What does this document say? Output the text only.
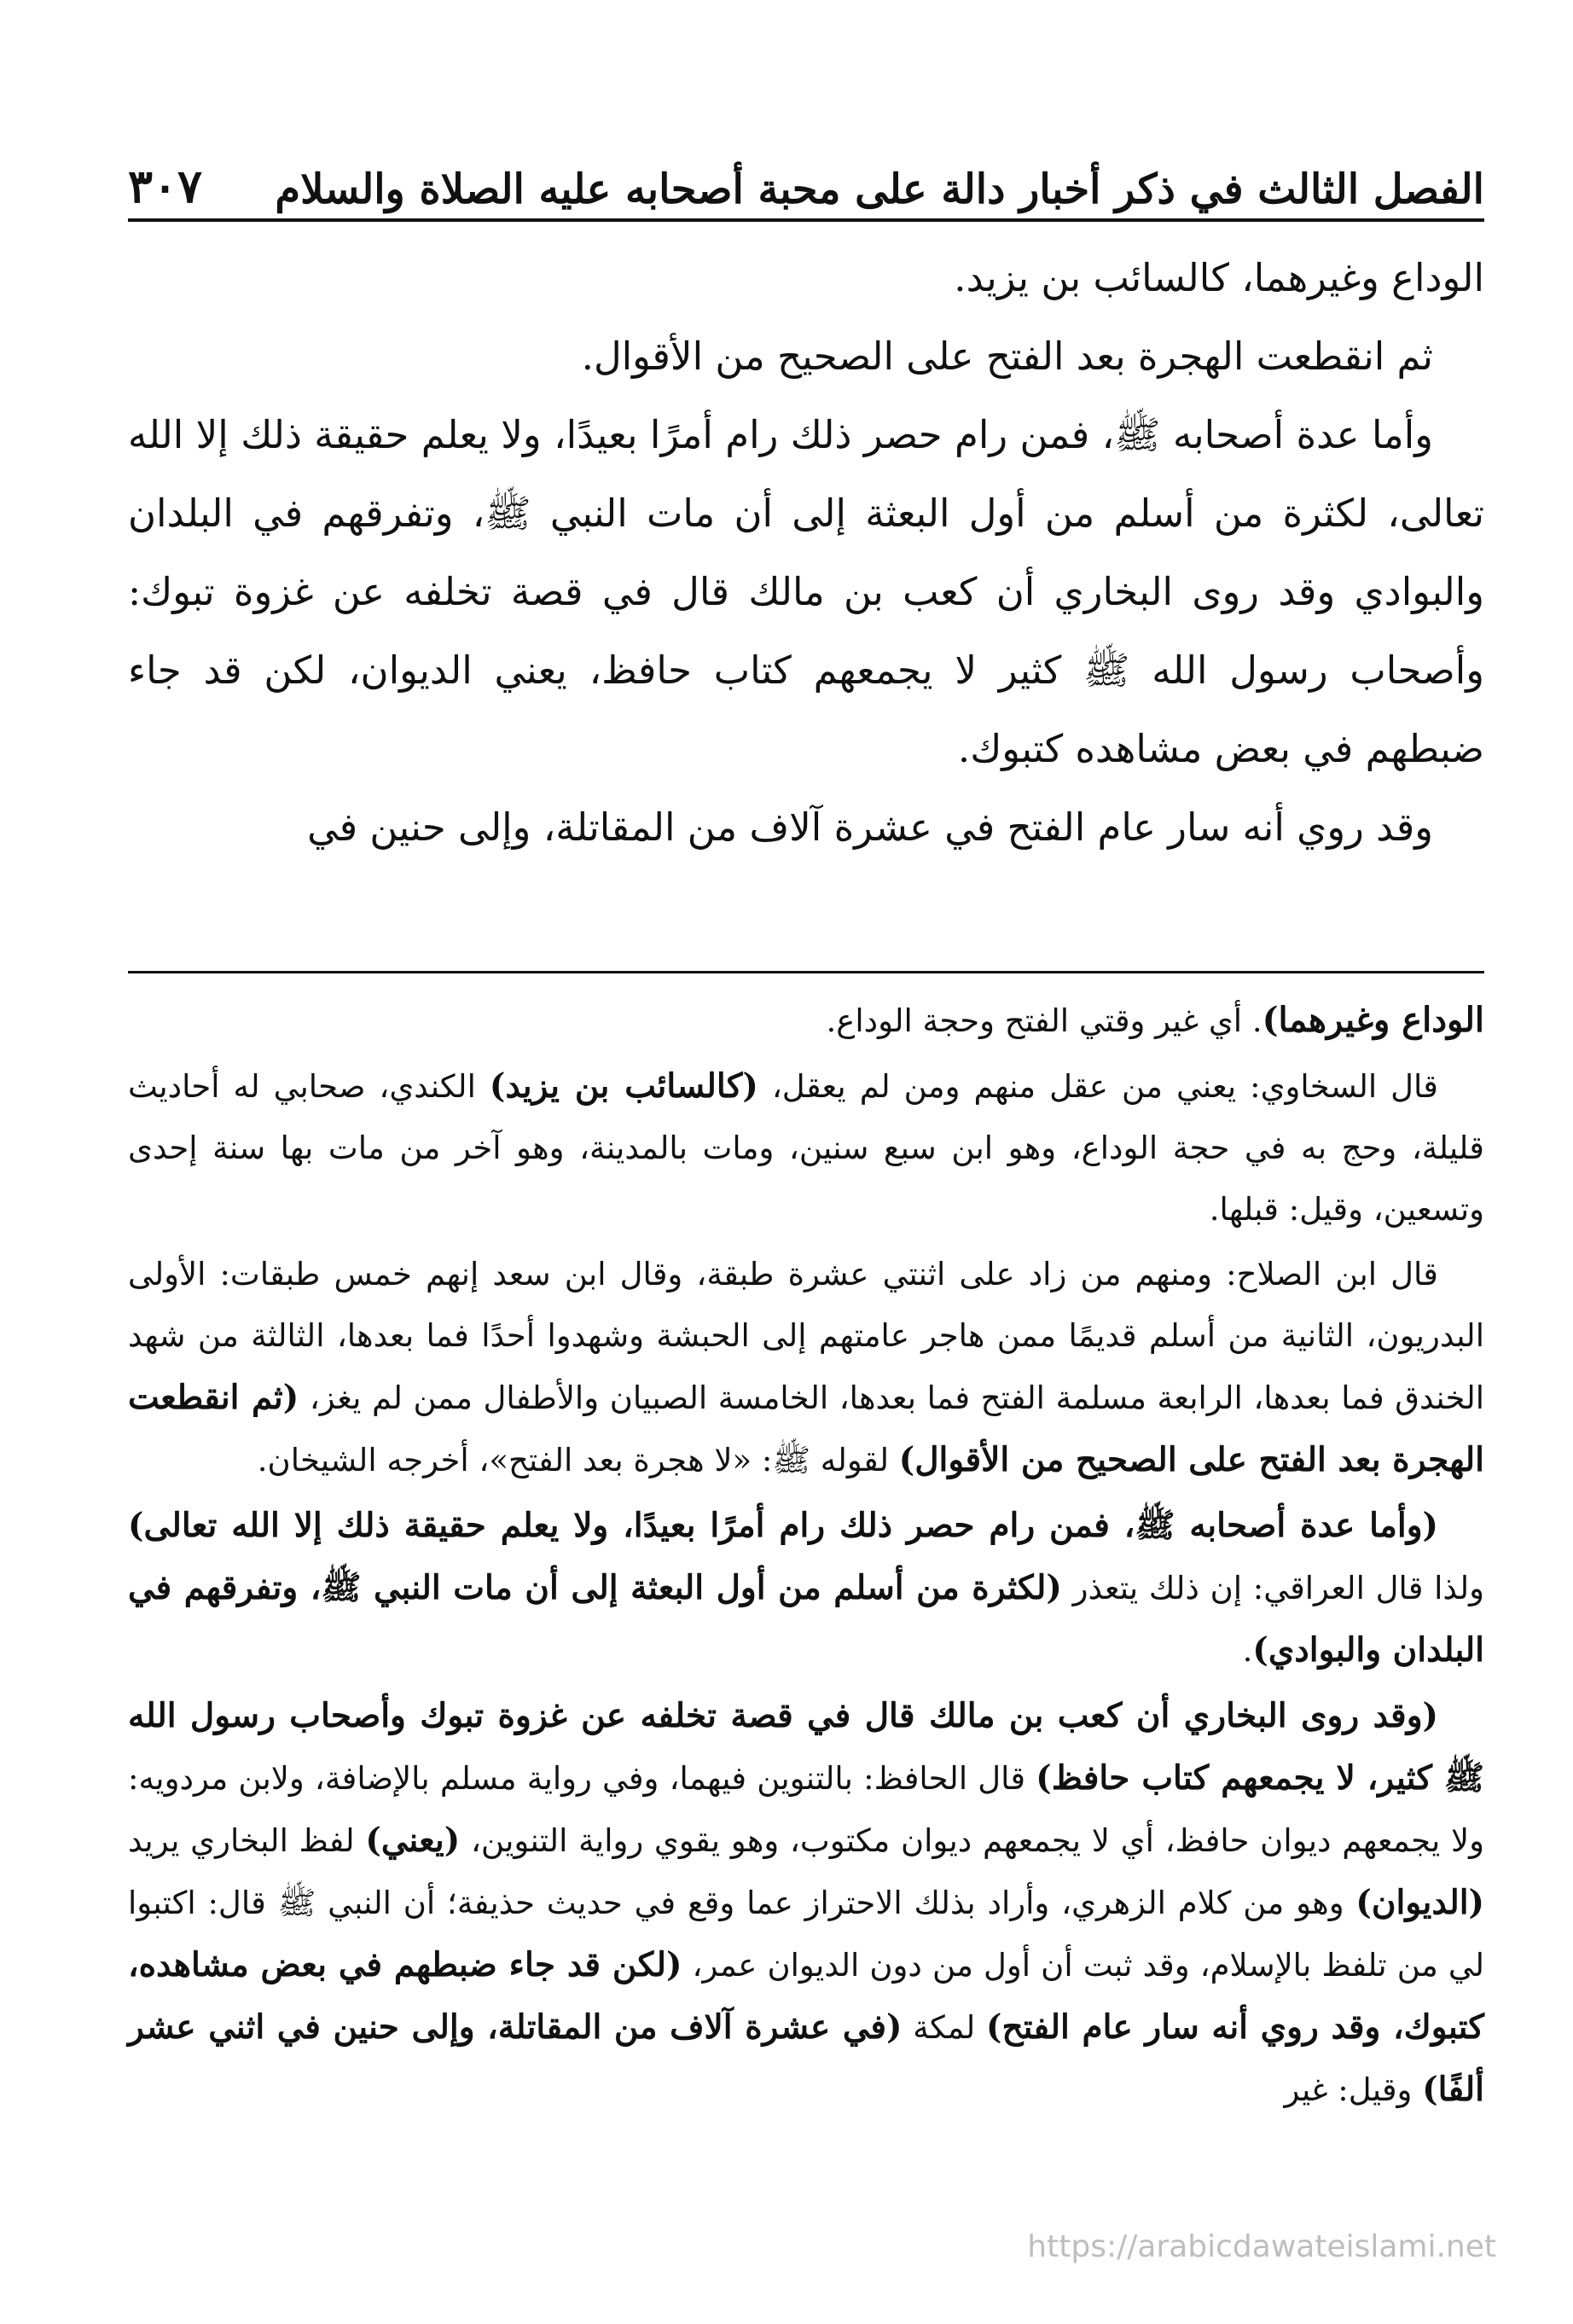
الفصل الثالث في ذكر أخبار دالة على محبة أصحابه عليه الصلاة والسلام
٣٠٧

الوداع وغيرهما، كالسائب بن يزيد.

ثم انقطعت الهجرة بعد الفتح على الصحيح من الأقوال.

وأما عدة أصحابه ﷺ، فمن رام حصر ذلك رام أمرًا بعيدًا، ولا يعلم حقيقة ذلك إلا الله تعالى، لكثرة من أسلم من أول البعثة إلى أن مات النبي ﷺ، وتفرقهم في البلدان والبوادي وقد روى البخاري أن كعب بن مالك قال في قصة تخلفه عن غزوة تبوك: وأصحاب رسول الله ﷺ كثير لا يجمعهم كتاب حافظ، يعني الديوان، لكن قد جاء ضبطهم في بعض مشاهده كتبوك.

وقد روي أنه سار عام الفتح في عشرة آلاف من المقاتلة، وإلى حنين في

الوداع وغيرهما). أي غير وقتي الفتح وحجة الوداع.

قال السخاوي: يعني من عقل منهم ومن لم يعقل، (كالسائب بن يزيد) الكندي، صحابي له أحاديث قليلة، وحج به في حجة الوداع، وهو ابن سبع سنين، ومات بالمدينة، وهو آخر من مات بها سنة إحدى وتسعين، وقيل: قبلها.

قال ابن الصلاح: ومنهم من زاد على اثنتي عشرة طبقة، وقال ابن سعد إنهم خمس طبقات: الأولى البدريون، الثانية من أسلم قديمًا ممن هاجر عامتهم إلى الحبشة وشهدوا أحدًا فما بعدها، الثالثة من شهد الخندق فما بعدها، الرابعة مسلمة الفتح فما بعدها، الخامسة الصبيان والأطفال ممن لم يغز، (ثم انقطعت الهجرة بعد الفتح على الصحيح من الأقوال) لقوله ﷺ: «لا هجرة بعد الفتح»، أخرجه الشيخان.

(وأما عدة أصحابه ﷺ، فمن رام حصر ذلك رام أمرًا بعيدًا، ولا يعلم حقيقة ذلك إلا الله تعالى) ولذا قال العراقي: إن ذلك يتعذر (لكثرة من أسلم من أول البعثة إلى أن مات النبي ﷺ، وتفرقهم في البلدان والبوادي).

(وقد روى البخاري أن كعب بن مالك قال في قصة تخلفه عن غزوة تبوك وأصحاب رسول الله ﷺ كثير، لا يجمعهم كتاب حافظ) قال الحافظ: بالتنوين فيهما، وفي رواية مسلم بالإضافة، ولابن مردويه: ولا يجمعهم ديوان حافظ، أي لا يجمعهم ديوان مكتوب، وهو يقوي رواية التنوين، (يعني) لفظ البخاري يريد (الديوان) وهو من كلام الزهري، وأراد بذلك الاحتراز عما وقع في حديث حذيفة؛ أن النبي ﷺ قال: اكتبوا لي من تلفظ بالإسلام، وقد ثبت أن أول من دون الديوان عمر، (لكن قد جاء ضبطهم في بعض مشاهده، كتبوك، وقد روي أنه سار عام الفتح) لمكة (في عشرة آلاف من المقاتلة، وإلى حنين في اثني عشر ألفًا) وقيل: غير

https://arabicdawateislami.net
